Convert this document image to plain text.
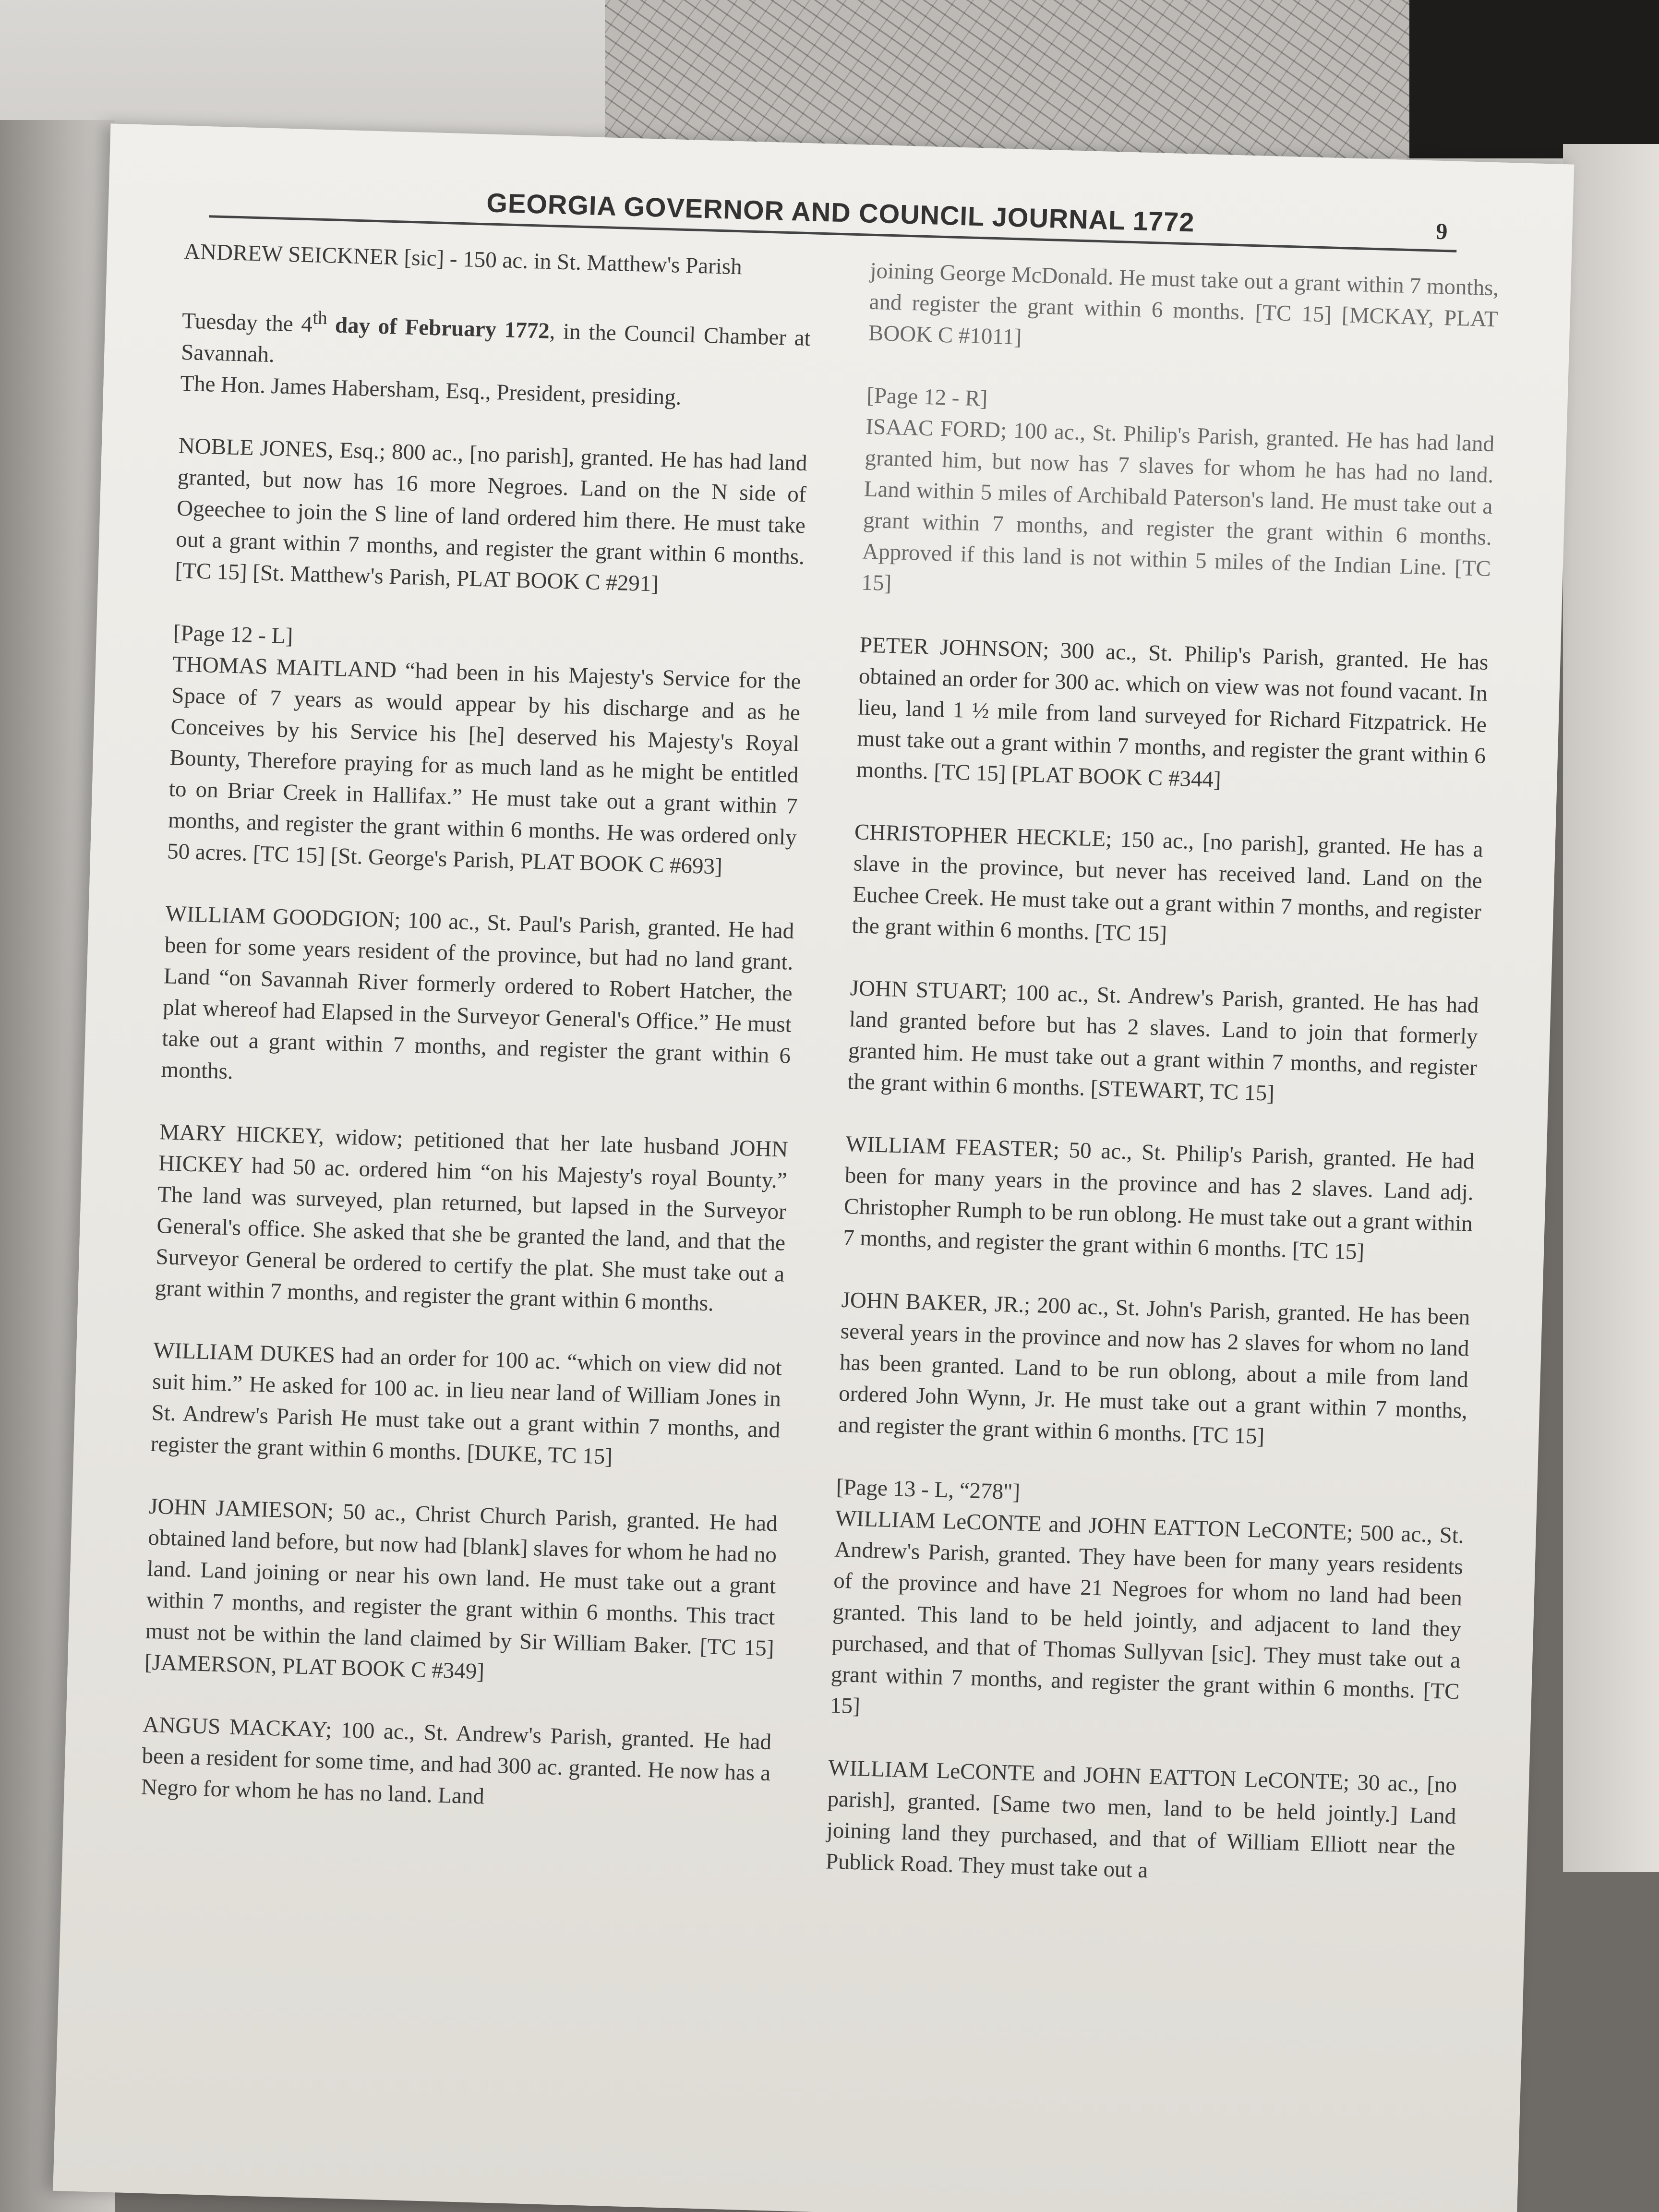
GEORGIA GOVERNOR AND COUNCIL JOURNAL 1772	9

ANDREW SEICKNER [sic] - 150 ac. in St. Matthew's Parish

Tuesday the 4th day of February 1772, in the Council Chamber at Savannah.
The Hon. James Habersham, Esq., President, presiding.

NOBLE JONES, Esq.; 800 ac., [no parish], granted. He has had land granted, but now has 16 more Negroes. Land on the N side of Ogeechee to join the S line of land ordered him there. He must take out a grant within 7 months, and register the grant within 6 months. [TC 15] [St. Matthew's Parish, PLAT BOOK C #291]

[Page 12 - L]
THOMAS MAITLAND “had been in his Majesty's Service for the Space of 7 years as would appear by his discharge and as he Conceives by his Service his [he] deserved his Majesty's Royal Bounty, Therefore praying for as much land as he might be entitled to on Briar Creek in Hallifax.” He must take out a grant within 7 months, and register the grant within 6 months. He was ordered only 50 acres. [TC 15] [St. George's Parish, PLAT BOOK C #693]

WILLIAM GOODGION; 100 ac., St. Paul's Parish, granted. He had been for some years resident of the province, but had no land grant. Land “on Savannah River formerly ordered to Robert Hatcher, the plat whereof had Elapsed in the Surveyor General's Office.” He must take out a grant within 7 months, and register the grant within 6 months.

MARY HICKEY, widow; petitioned that her late husband JOHN HICKEY had 50 ac. ordered him “on his Majesty's royal Bounty.” The land was surveyed, plan returned, but lapsed in the Surveyor General's office. She asked that she be granted the land, and that the Surveyor General be ordered to certify the plat. She must take out a grant within 7 months, and register the grant within 6 months.

WILLIAM DUKES had an order for 100 ac. “which on view did not suit him.” He asked for 100 ac. in lieu near land of William Jones in St. Andrew's Parish He must take out a grant within 7 months, and register the grant within 6 months. [DUKE, TC 15]

JOHN JAMIESON; 50 ac., Christ Church Parish, granted. He had obtained land before, but now had [blank] slaves for whom he had no land. Land joining or near his own land. He must take out a grant within 7 months, and register the grant within 6 months. This tract must not be within the land claimed by Sir William Baker. [TC 15] [JAMERSON, PLAT BOOK C #349]

ANGUS MACKAY; 100 ac., St. Andrew's Parish, granted. He had been a resident for some time, and had 300 ac. granted. He now has a Negro for whom he has no land. Land

joining George McDonald. He must take out a grant within 7 months, and register the grant within 6 months. [TC 15] [MCKAY, PLAT BOOK C #1011]

[Page 12 - R]
ISAAC FORD; 100 ac., St. Philip's Parish, granted. He has had land granted him, but now has 7 slaves for whom he has had no land. Land within 5 miles of Archibald Paterson's land. He must take out a grant within 7 months, and register the grant within 6 months. Approved if this land is not within 5 miles of the Indian Line. [TC 15]

PETER JOHNSON; 300 ac., St. Philip's Parish, granted. He has obtained an order for 300 ac. which on view was not found vacant. In lieu, land 1 ½ mile from land surveyed for Richard Fitzpatrick. He must take out a grant within 7 months, and register the grant within 6 months. [TC 15] [PLAT BOOK C #344]

CHRISTOPHER HECKLE; 150 ac., [no parish], granted. He has a slave in the province, but never has received land. Land on the Euchee Creek. He must take out a grant within 7 months, and register the grant within 6 months. [TC 15]

JOHN STUART; 100 ac., St. Andrew's Parish, granted. He has had land granted before but has 2 slaves. Land to join that formerly granted him. He must take out a grant within 7 months, and register the grant within 6 months. [STEWART, TC 15]

WILLIAM FEASTER; 50 ac., St. Philip's Parish, granted. He had been for many years in the province and has 2 slaves. Land adj. Christopher Rumph to be run oblong. He must take out a grant within 7 months, and register the grant within 6 months. [TC 15]

JOHN BAKER, JR.; 200 ac., St. John's Parish, granted. He has been several years in the province and now has 2 slaves for whom no land has been granted. Land to be run oblong, about a mile from land ordered John Wynn, Jr. He must take out a grant within 7 months, and register the grant within 6 months. [TC 15]

[Page 13 - L, “278"]
WILLIAM LeCONTE and JOHN EATTON LeCONTE; 500 ac., St. Andrew's Parish, granted. They have been for many years residents of the province and have 21 Negroes for whom no land had been granted. This land to be held jointly, and adjacent to land they purchased, and that of Thomas Sullyvan [sic]. They must take out a grant within 7 months, and register the grant within 6 months. [TC 15]

WILLIAM LeCONTE and JOHN EATTON LeCONTE; 30 ac., [no parish], granted. [Same two men, land to be held jointly.] Land joining land they purchased, and that of William Elliott near the Publick Road. They must take out a
